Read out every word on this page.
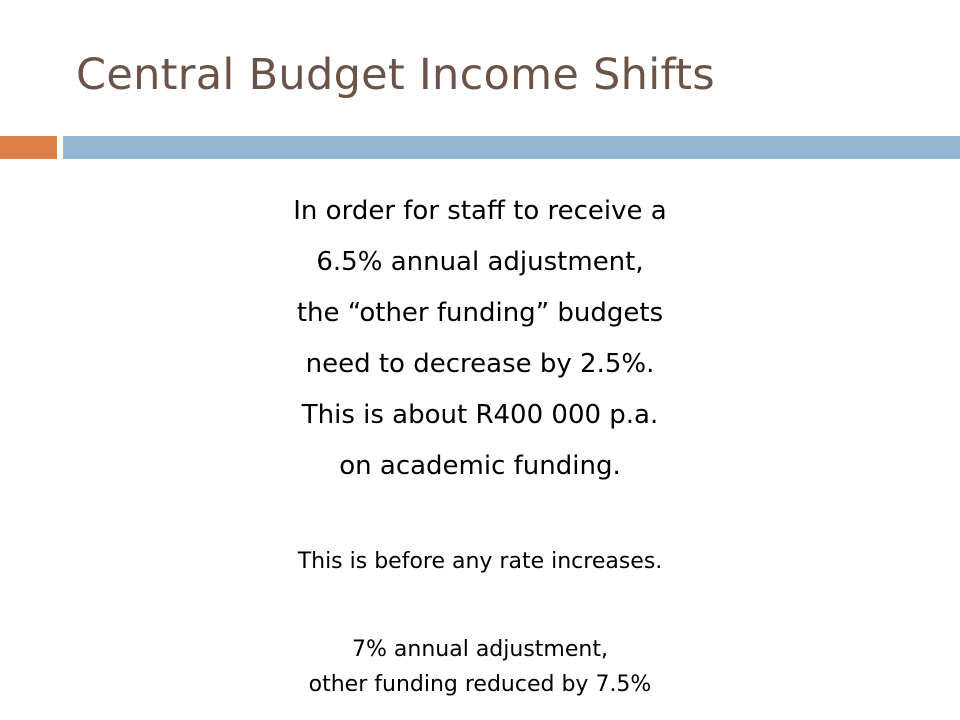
Central Budget Income Shifts
In order for staff to receive a
6.5% annual adjustment,
the “other funding” budgets
need to decrease by 2.5%.
This is about R400 000 p.a.
on academic funding.
This is before any rate increases.
7% annual adjustment,
other funding reduced by 7.5%
